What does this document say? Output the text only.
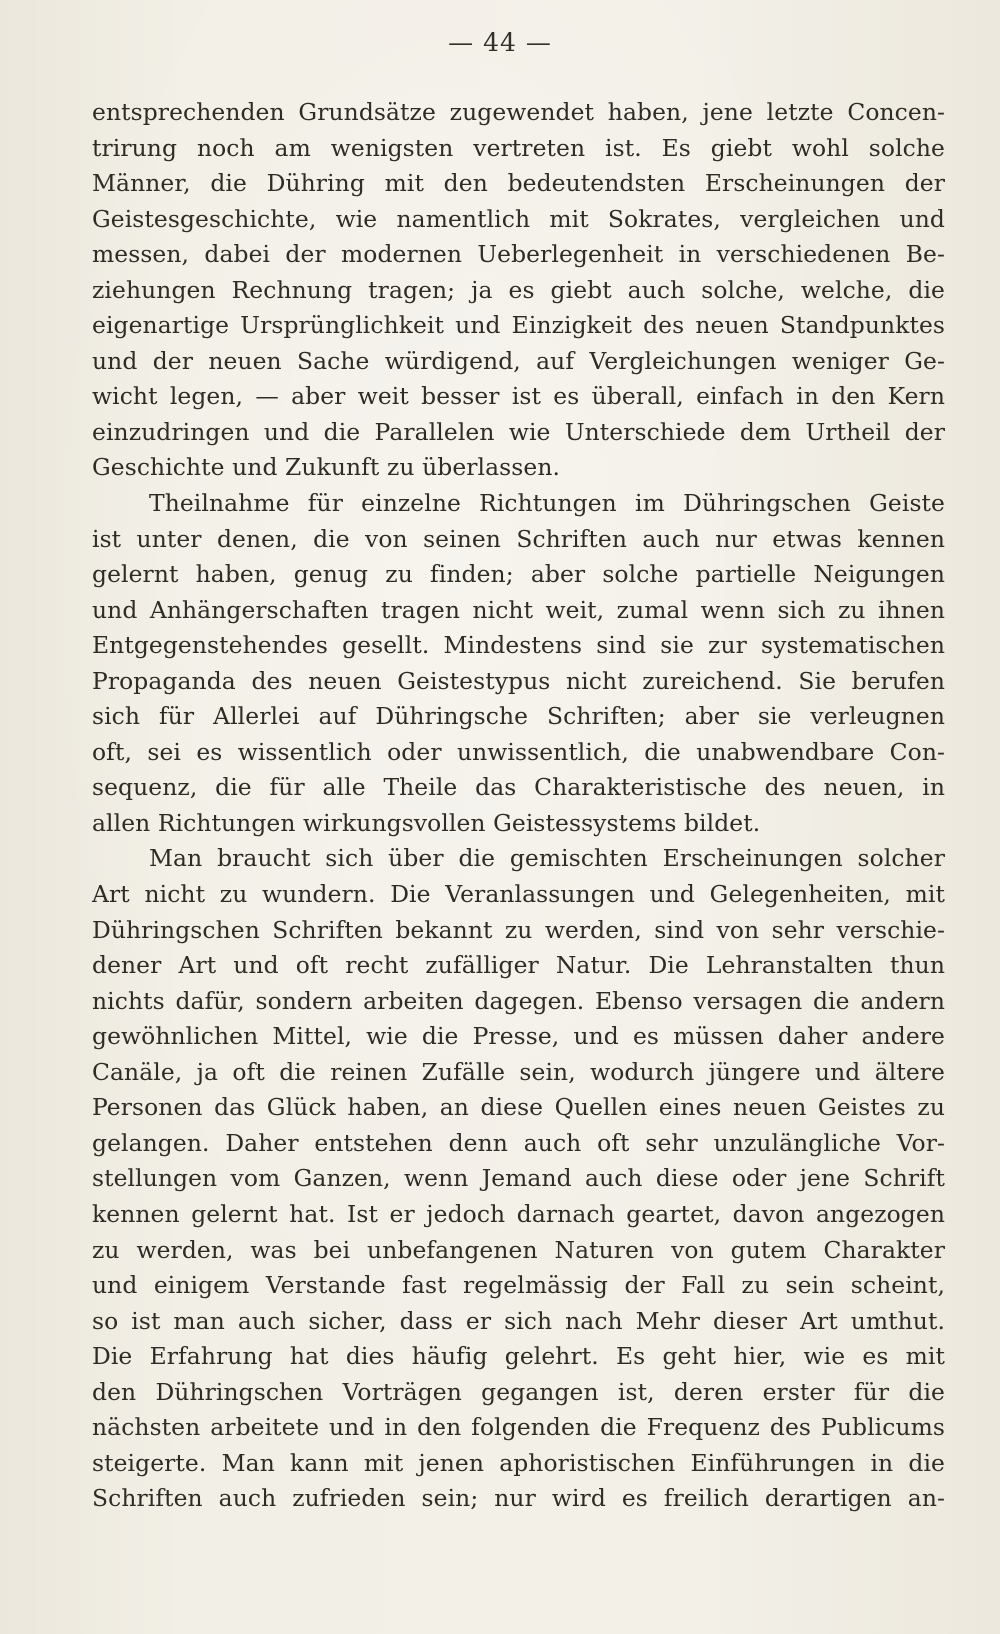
— 44 —
entsprechenden Grundsätze zugewendet haben, jene letzte Concen-
trirung noch am wenigsten vertreten ist. Es giebt wohl solche
Männer, die Dühring mit den bedeutendsten Erscheinungen der
Geistesgeschichte, wie namentlich mit Sokrates, vergleichen und
messen, dabei der modernen Ueberlegenheit in verschiedenen Be-
ziehungen Rechnung tragen; ja es giebt auch solche, welche, die
eigenartige Ursprünglichkeit und Einzigkeit des neuen Standpunktes
und der neuen Sache würdigend, auf Vergleichungen weniger Ge-
wicht legen, — aber weit besser ist es überall, einfach in den Kern
einzudringen und die Parallelen wie Unterschiede dem Urtheil der
Geschichte und Zukunft zu überlassen.
Theilnahme für einzelne Richtungen im Dühringschen Geiste
ist unter denen, die von seinen Schriften auch nur etwas kennen
gelernt haben, genug zu finden; aber solche partielle Neigungen
und Anhängerschaften tragen nicht weit, zumal wenn sich zu ihnen
Entgegenstehendes gesellt. Mindestens sind sie zur systematischen
Propaganda des neuen Geistestypus nicht zureichend. Sie berufen
sich für Allerlei auf Dühringsche Schriften; aber sie verleugnen
oft, sei es wissentlich oder unwissentlich, die unabwendbare Con-
sequenz, die für alle Theile das Charakteristische des neuen, in
allen Richtungen wirkungsvollen Geistessystems bildet.
Man braucht sich über die gemischten Erscheinungen solcher
Art nicht zu wundern. Die Veranlassungen und Gelegenheiten, mit
Dühringschen Schriften bekannt zu werden, sind von sehr verschie-
dener Art und oft recht zufälliger Natur. Die Lehranstalten thun
nichts dafür, sondern arbeiten dagegen. Ebenso versagen die andern
gewöhnlichen Mittel, wie die Presse, und es müssen daher andere
Canäle, ja oft die reinen Zufälle sein, wodurch jüngere und ältere
Personen das Glück haben, an diese Quellen eines neuen Geistes zu
gelangen. Daher entstehen denn auch oft sehr unzulängliche Vor-
stellungen vom Ganzen, wenn Jemand auch diese oder jene Schrift
kennen gelernt hat. Ist er jedoch darnach geartet, davon angezogen
zu werden, was bei unbefangenen Naturen von gutem Charakter
und einigem Verstande fast regelmässig der Fall zu sein scheint,
so ist man auch sicher, dass er sich nach Mehr dieser Art umthut.
Die Erfahrung hat dies häufig gelehrt. Es geht hier, wie es mit
den Dühringschen Vorträgen gegangen ist, deren erster für die
nächsten arbeitete und in den folgenden die Frequenz des Publicums
steigerte. Man kann mit jenen aphoristischen Einführungen in die
Schriften auch zufrieden sein; nur wird es freilich derartigen an-
